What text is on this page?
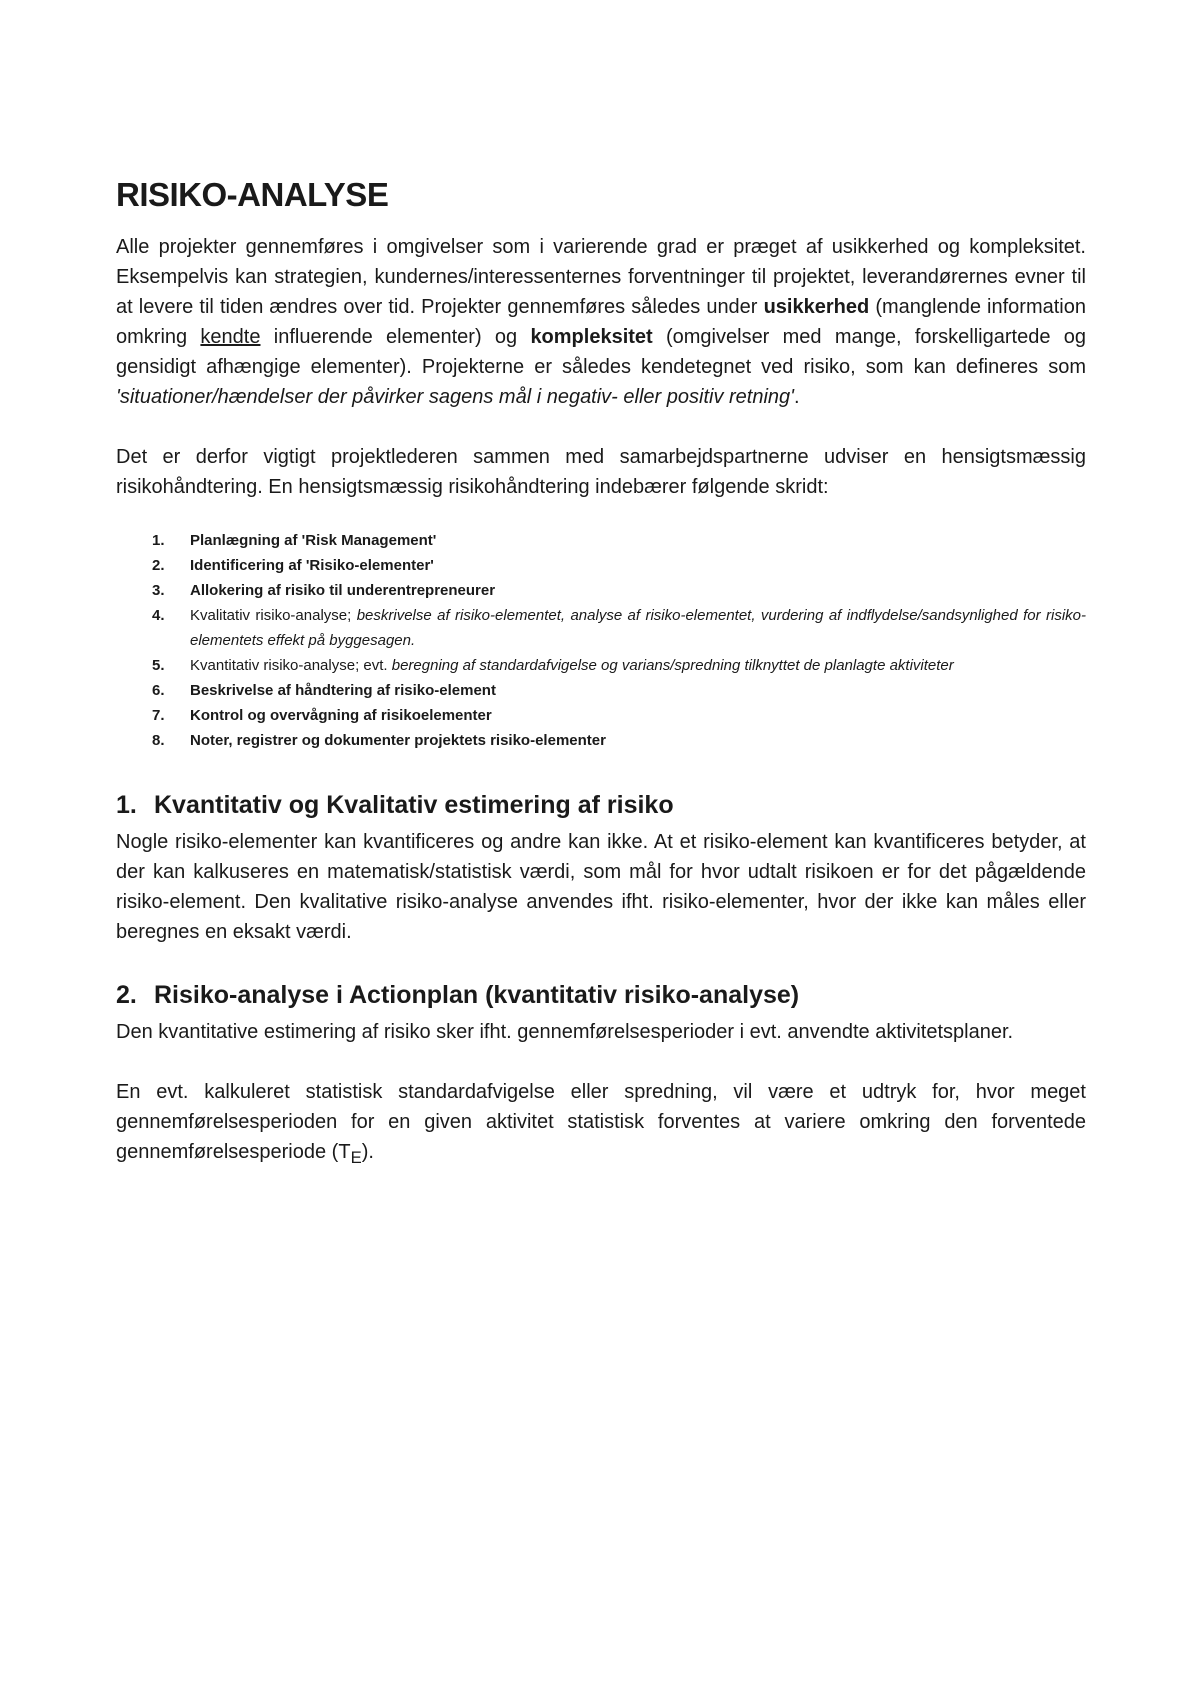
RISIKO-ANALYSE

Alle projekter gennemføres i omgivelser som i varierende grad er præget af usikkerhed og kompleksitet. Eksempelvis kan strategien, kundernes/interessenternes forventninger til projektet, leverandørernes evner til at levere til tiden ændres over tid. Projekter gennemføres således under usikkerhed (manglende information omkring kendte influerende elementer) og kompleksitet (omgivelser med mange, forskelligartede og gensidigt afhængige elementer). Projekterne er således kendetegnet ved risiko, som kan defineres som 'situationer/hændelser der påvirker sagens mål i negativ- eller positiv retning'.

Det er derfor vigtigt projektlederen sammen med samarbejdspartnerne udviser en hensigtsmæssig risikohåndtering. En hensigtsmæssig risikohåndtering indebærer følgende skridt:

1.	Planlægning af 'Risk Management'
2.	Identificering af 'Risiko-elementer'
3.	Allokering af risiko til underentrepreneurer
4.	Kvalitativ risiko-analyse; beskrivelse af risiko-elementet, analyse af risiko-elementet, vurdering af indflydelse/sandsynlighed for risiko-elementets effekt på byggesagen.
5.	Kvantitativ risiko-analyse; evt. beregning af standardafvigelse og varians/spredning tilknyttet de planlagte aktiviteter
6.	Beskrivelse af håndtering af risiko-element
7.	Kontrol og overvågning af risikoelementer
8.	Noter, registrer og dokumenter projektets risiko-elementer
1. Kvantitativ og Kvalitativ estimering af risiko

Nogle risiko-elementer kan kvantificeres og andre kan ikke. At et risiko-element kan kvantificeres betyder, at der kan kalkuseres en matematisk/statistisk værdi, som mål for hvor udtalt risikoen er for det pågældende risiko-element. Den kvalitative risiko-analyse anvendes ifht. risiko-elementer, hvor der ikke kan måles eller beregnes en eksakt værdi.

2. Risiko-analyse i Actionplan (kvantitativ risiko-analyse)

Den kvantitative estimering af risiko sker ifht. gennemførelsesperioder i evt. anvendte aktivitetsplaner.

En evt. kalkuleret statistisk standardafvigelse eller spredning, vil være et udtryk for, hvor meget gennemførelsesperioden for en given aktivitet statistisk forventes at variere omkring den forventede gennemførelsesperiode $(T_E)$.
